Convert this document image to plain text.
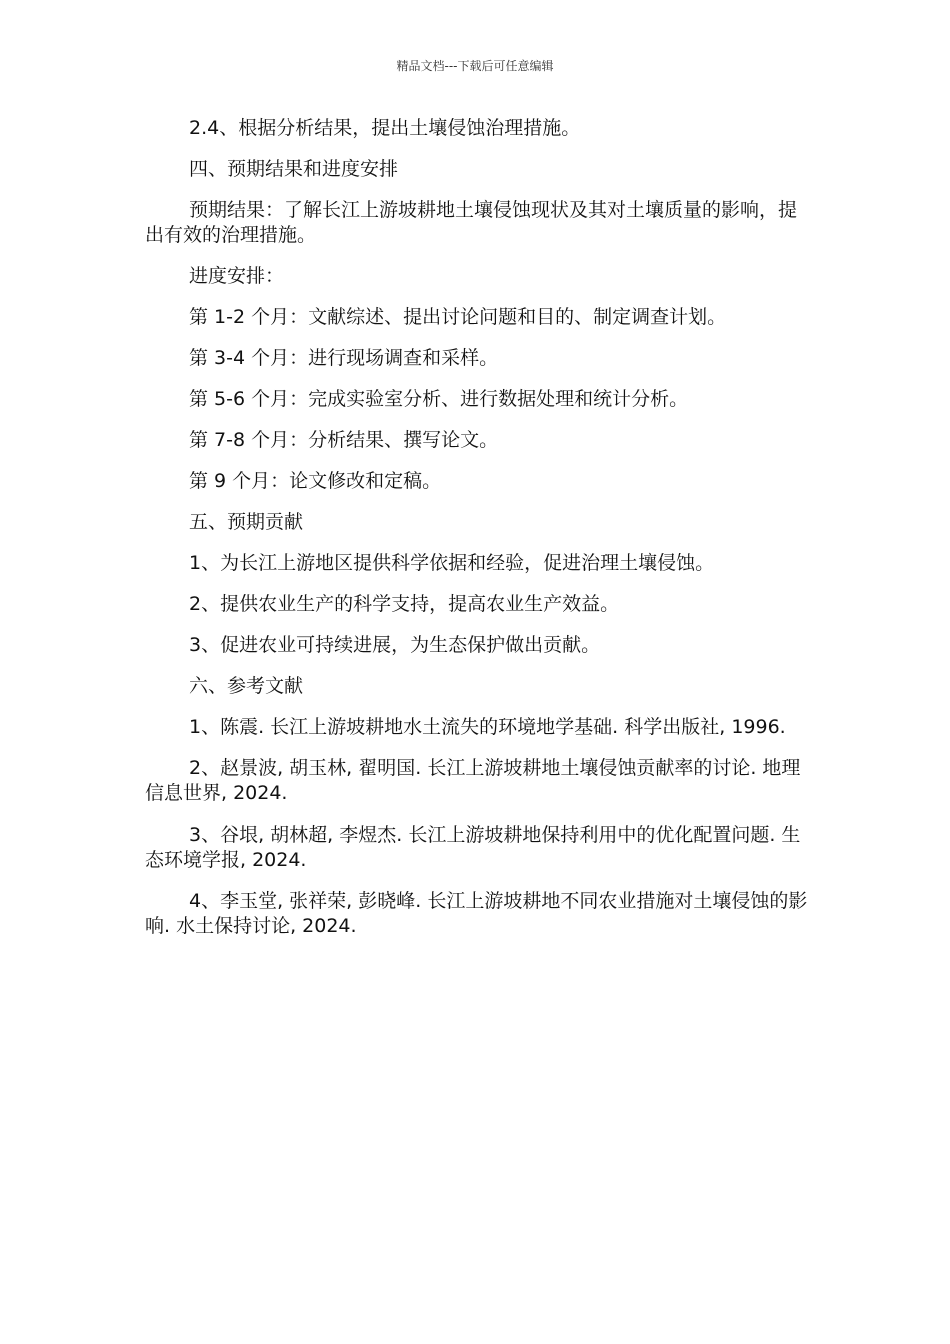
精品文档---下载后可任意编辑

2.4、根据分析结果，提出土壤侵蚀治理措施。

四、预期结果和进度安排

预期结果：了解长江上游坡耕地土壤侵蚀现状及其对土壤质量的影响，提出有效的治理措施。

进度安排：

第 1-2 个月：文献综述、提出讨论问题和目的、制定调查计划。

第 3-4 个月：进行现场调查和采样。

第 5-6 个月：完成实验室分析、进行数据处理和统计分析。

第 7-8 个月：分析结果、撰写论文。

第 9 个月：论文修改和定稿。

五、预期贡献

1、为长江上游地区提供科学依据和经验，促进治理土壤侵蚀。

2、提供农业生产的科学支持，提高农业生产效益。

3、促进农业可持续进展，为生态保护做出贡献。

六、参考文献

1、陈震. 长江上游坡耕地水土流失的环境地学基础. 科学出版社, 1996.

2、赵景波, 胡玉林, 翟明国. 长江上游坡耕地土壤侵蚀贡献率的讨论. 地理信息世界, 2024.

3、谷垠, 胡林超, 李煜杰. 长江上游坡耕地保持利用中的优化配置问题. 生态环境学报, 2024.

4、李玉堂, 张祥荣, 彭晓峰. 长江上游坡耕地不同农业措施对土壤侵蚀的影响. 水土保持讨论, 2024.
